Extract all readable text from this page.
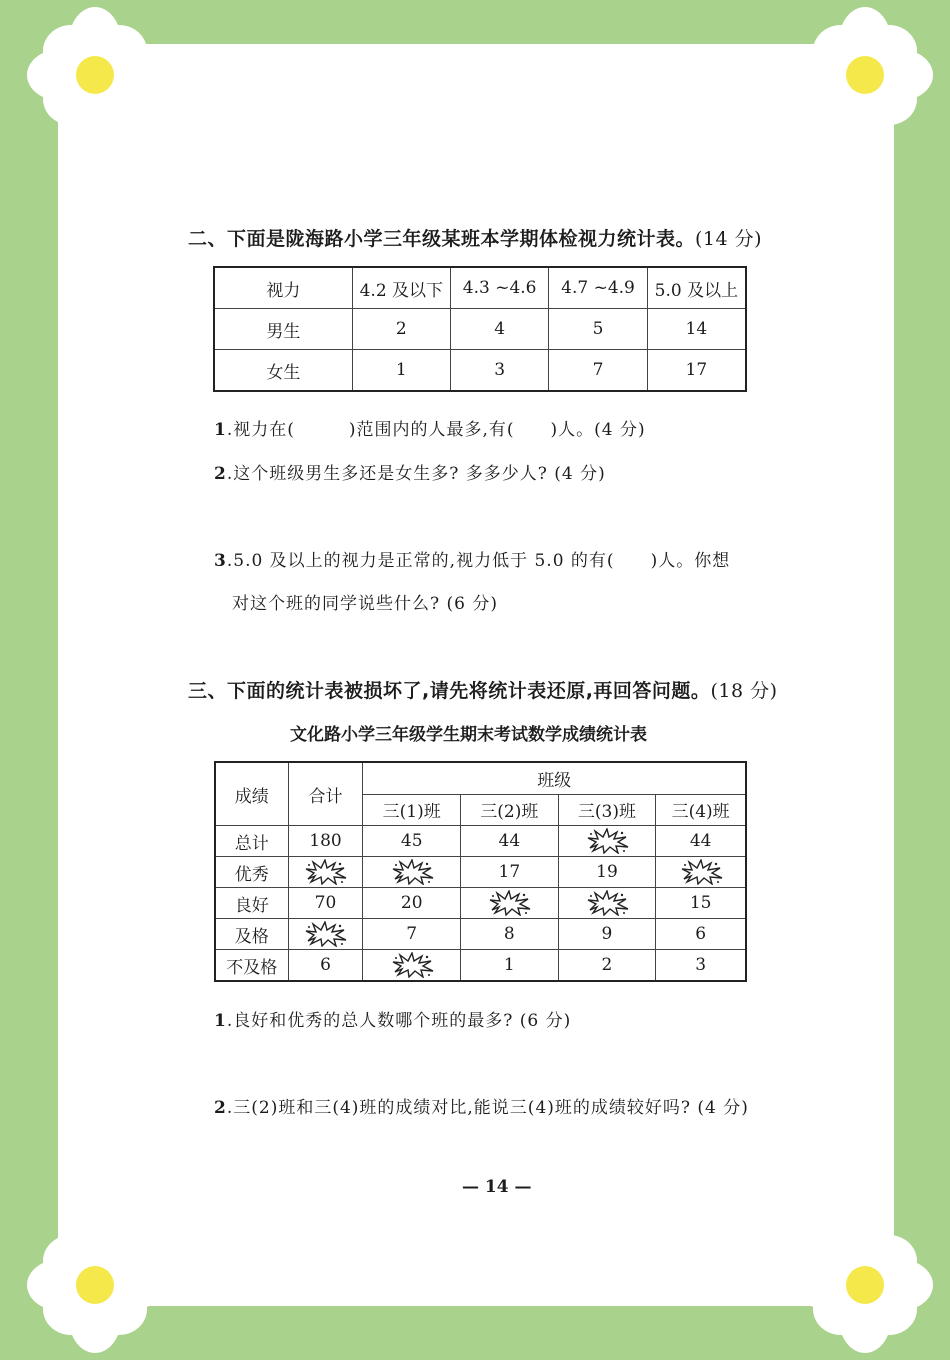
二、下面是陇海路小学三年级某班本学期体检视力统计表。(14 分)
视力	4.2 及以下	4.3 ~4.6	4.7 ~4.9	5.0 及以上
男生	2	4	5	14
女生	1	3	7	17
1.视力在(　　　)范围内的人最多,有(　　)人。(4 分)
2.这个班级男生多还是女生多? 多多少人? (4 分)
3.5.0 及以上的视力是正常的,视力低于 5.0 的有(　　)人。你想
对这个班的同学说些什么? (6 分)
三、下面的统计表被损坏了,请先将统计表还原,再回答问题。(18 分)
文化路小学三年级学生期末考试数学成绩统计表
成绩	合计	班级			
		三(1)班	三(2)班	三(3)班	三(4)班
总计	180	45	44		44
优秀			17	19	
良好	70	20			15
及格		7	8	9	6
不及格	6		1	2	3
1.良好和优秀的总人数哪个班的最多? (6 分)
2.三(2)班和三(4)班的成绩对比,能说三(4)班的成绩较好吗? (4 分)
— 14 —
